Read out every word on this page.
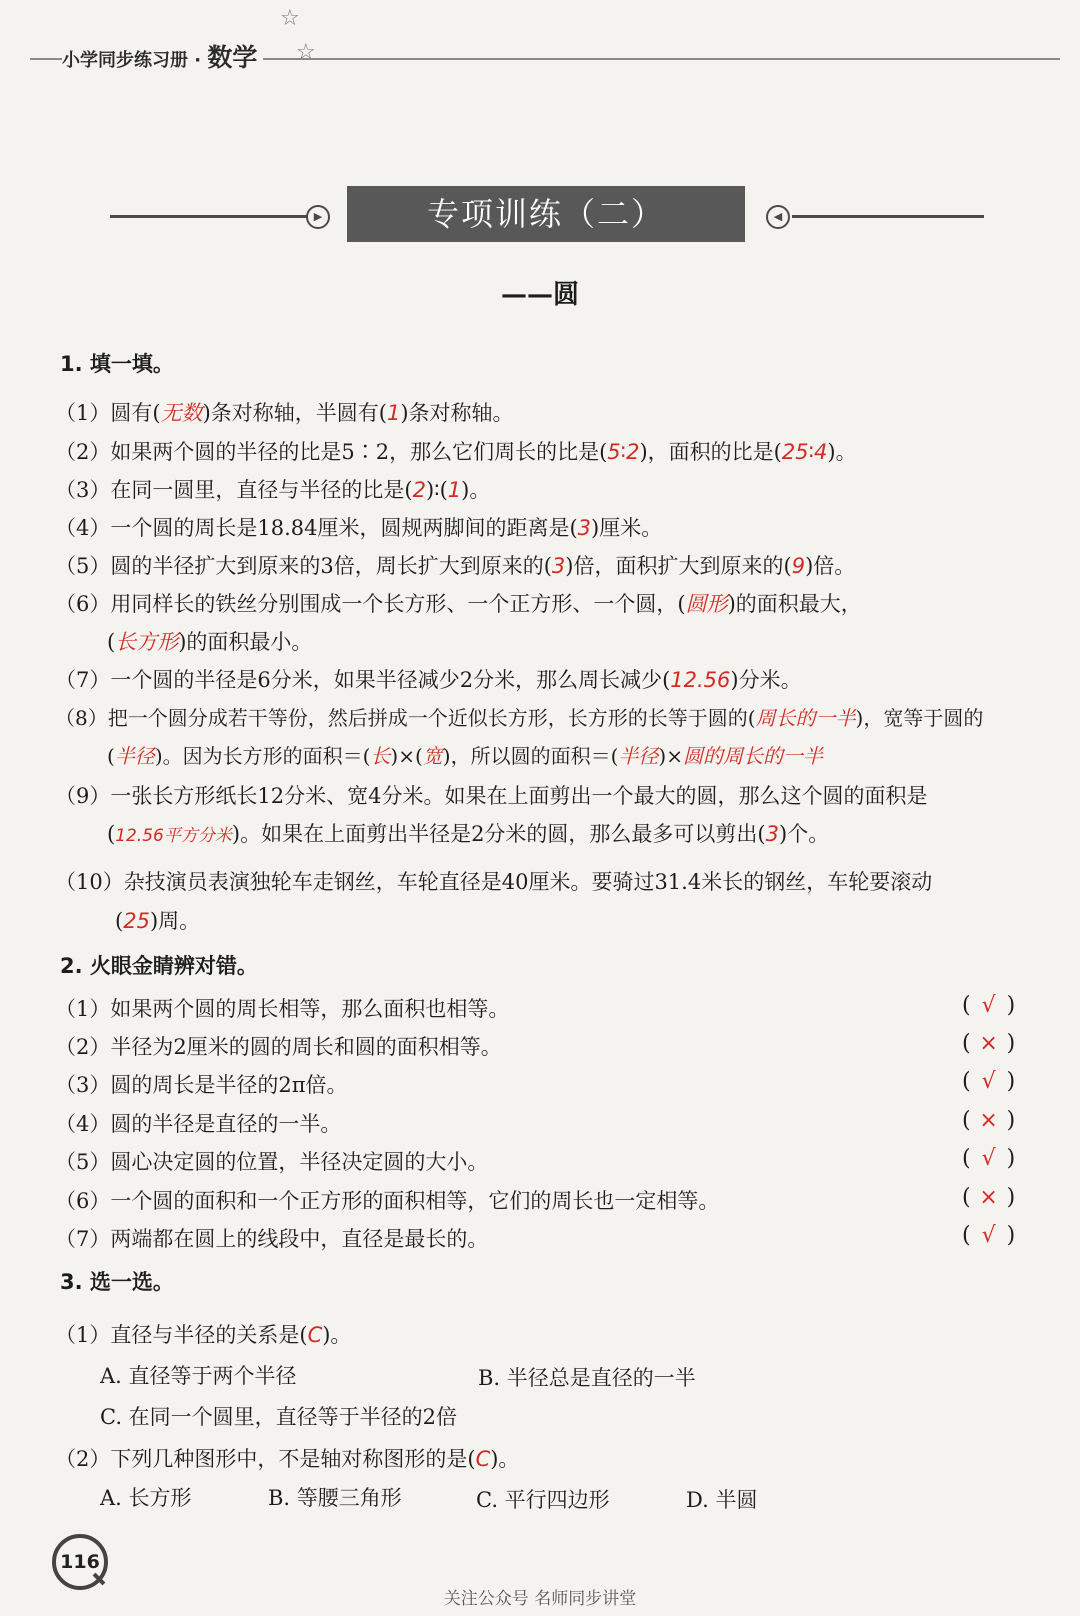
小学同步练习册 · 数学
☆
☆
▶	专项训练（二）	◀
——圆
1. 填一填。
（1）圆有(无数)条对称轴，半圆有(1)条对称轴。
（2）如果两个圆的半径的比是5∶2，那么它们周长的比是(5∶2)，面积的比是(25∶4)。
（3）在同一圆里，直径与半径的比是(2)∶(1)。
（4）一个圆的周长是18.84厘米，圆规两脚间的距离是(3)厘米。
（5）圆的半径扩大到原来的3倍，周长扩大到原来的(3)倍，面积扩大到原来的(9)倍。
（6）用同样长的铁丝分别围成一个长方形、一个正方形、一个圆，(圆形)的面积最大，
(长方形)的面积最小。
（7）一个圆的半径是6分米，如果半径减少2分米，那么周长减少(12.56)分米。
（8）把一个圆分成若干等份，然后拼成一个近似长方形，长方形的长等于圆的(周长的一半)，宽等于圆的
(半径)。因为长方形的面积＝(长)×(宽)，所以圆的面积＝(半径)×圆的周长的一半
（9）一张长方形纸长12分米、宽4分米。如果在上面剪出一个最大的圆，那么这个圆的面积是
(12.56平方分米)。如果在上面剪出半径是2分米的圆，那么最多可以剪出(3)个。
（10）杂技演员表演独轮车走钢丝，车轮直径是40厘米。要骑过31.4米长的钢丝，车轮要滚动
(25)周。
2. 火眼金睛辨对错。
（1）如果两个圆的周长相等，那么面积也相等。	( √ )
（2）半径为2厘米的圆的周长和圆的面积相等。	( × )
（3）圆的周长是半径的2π倍。	( √ )
（4）圆的半径是直径的一半。	( × )
（5）圆心决定圆的位置，半径决定圆的大小。	( √ )
（6）一个圆的面积和一个正方形的面积相等，它们的周长也一定相等。	( × )
（7）两端都在圆上的线段中，直径是最长的。	( √ )
3. 选一选。
（1）直径与半径的关系是(C)。
A. 直径等于两个半径	B. 半径总是直径的一半
C. 在同一个圆里，直径等于半径的2倍
（2）下列几种图形中，不是轴对称图形的是(C)。
A. 长方形	B. 等腰三角形	C. 平行四边形	D. 半圆
116
关注公众号 名师同步讲堂
